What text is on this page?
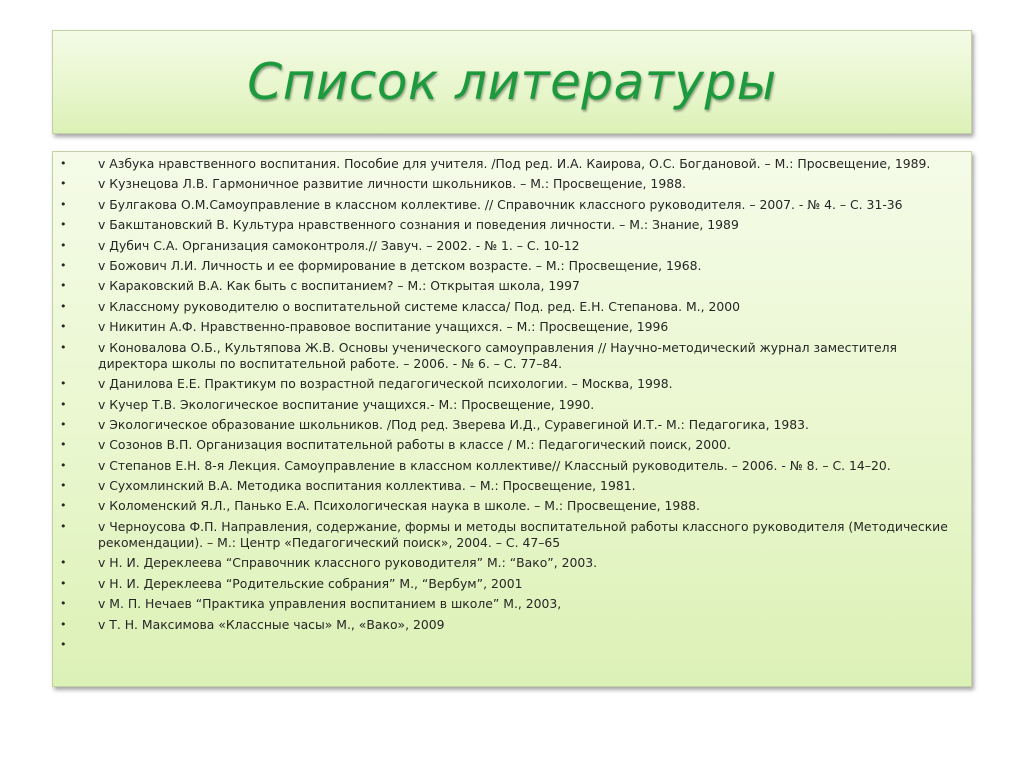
Список литературы
•	v Азбука нравственного воспитания. Пособие для учителя. /Под ред. И.А. Каирова, О.С. Богдановой. – М.: Просвещение, 1989.
•	v Кузнецова Л.В. Гармоничное развитие личности школьников. – М.: Просвещение, 1988.
•	v Булгакова О.М.Самоуправление в классном коллективе. // Справочник классного руководителя. – 2007. - № 4. – С. 31-36
•	v Бакштановский В. Культура нравственного сознания и поведения личности. – М.: Знание, 1989
•	v Дубич С.А. Организация самоконтроля.// Завуч. – 2002. - № 1. – С. 10-12
•	v Божович Л.И. Личность и ее формирование в детском возрасте. – М.: Просвещение, 1968.
•	v Караковский В.А. Как быть с воспитанием? – М.: Открытая школа, 1997
•	v Классному руководителю о воспитательной системе класса/ Под. ред. Е.Н. Степанова. М., 2000
•	v Никитин А.Ф. Нравственно-правовое воспитание учащихся. – М.: Просвещение, 1996
•	v Коновалова О.Б., Культяпова Ж.В. Основы ученического самоуправления // Научно-методический журнал заместителя директора школы по воспитательной работе. – 2006. - № 6. – С. 77–84.
•	v Данилова Е.Е. Практикум по возрастной педагогической психологии. – Москва, 1998.
•	v Кучер Т.В. Экологическое воспитание учащихся.- М.: Просвещение, 1990.
•	v Экологическое образование школьников. /Под ред. Зверева И.Д., Суравегиной И.Т.- М.: Педагогика, 1983.
•	v Созонов В.П. Организация воспитательной работы в классе / М.: Педагогический поиск, 2000.
•	v Степанов Е.Н. 8-я Лекция. Самоуправление в классном коллективе// Классный руководитель. – 2006. - № 8. – С. 14–20.
•	v Сухомлинский В.А. Методика воспитания коллектива. – М.: Просвещение, 1981.
•	v Коломенский Я.Л., Панько Е.А. Психологическая наука в школе. – М.: Просвещение, 1988.
•	v Черноусова Ф.П. Направления, содержание, формы и методы воспитательной работы классного руководителя (Методические рекомендации). – М.: Центр «Педагогический поиск», 2004. – С. 47–65
•	v Н. И. Дереклеева “Справочник классного руководителя” М.: “Вако”, 2003.
•	v Н. И. Дереклеева “Родительские собрания” М., “Вербум”, 2001
•	v М. П. Нечаев “Практика управления воспитанием в школе” М., 2003,
•	v Т. Н. Максимова «Классные часы» М., «Вако», 2009
•
